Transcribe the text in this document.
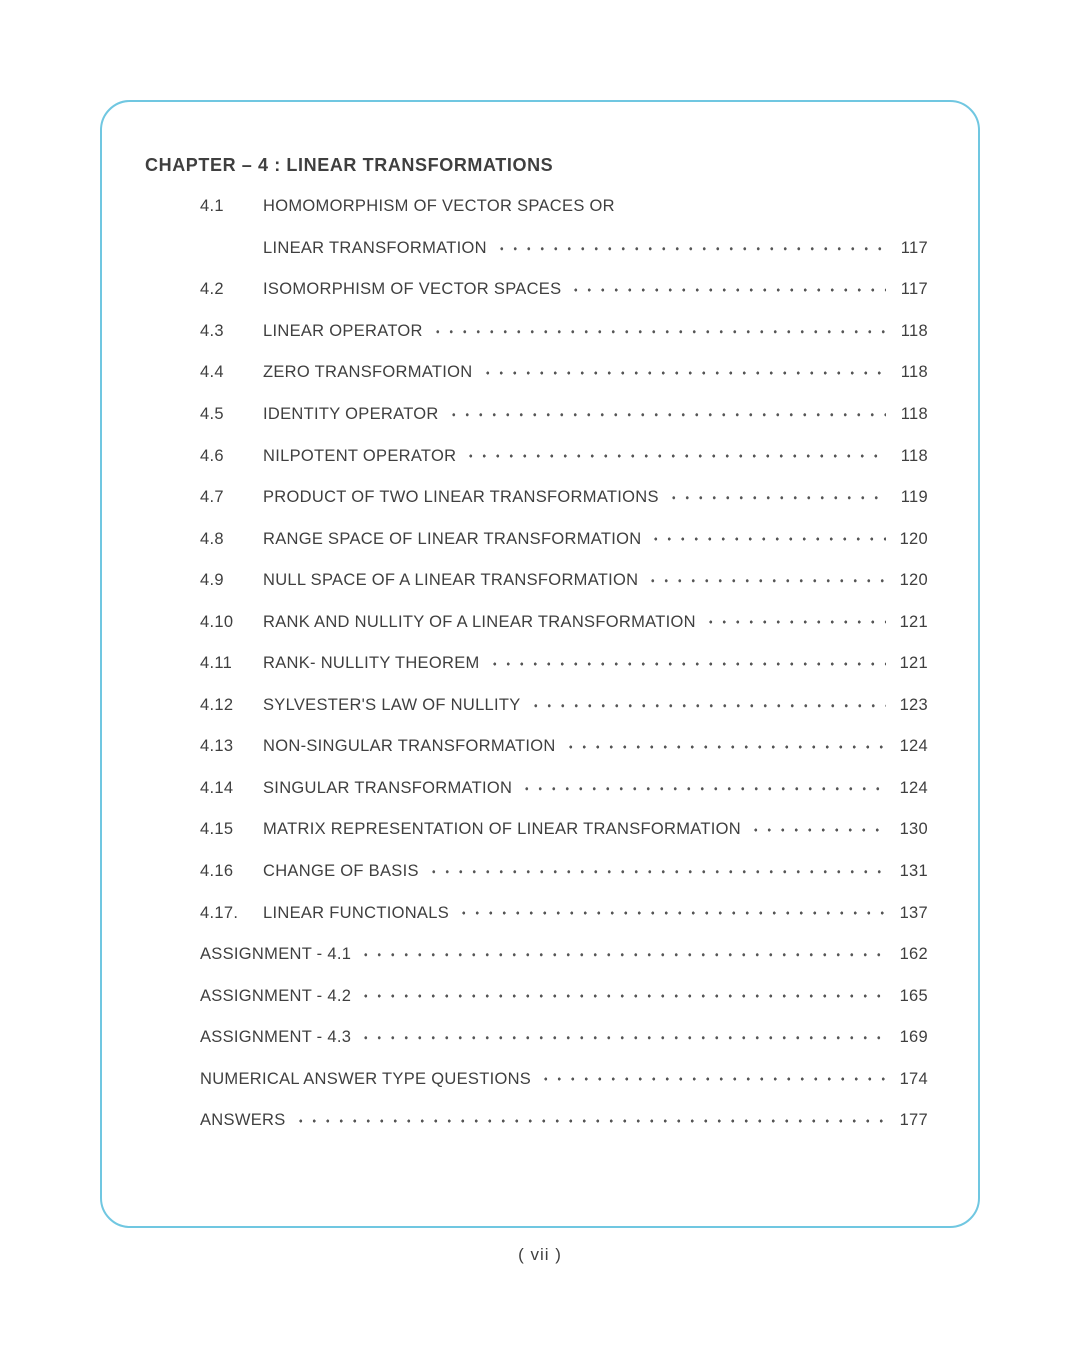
CHAPTER – 4 : LINEAR TRANSFORMATIONS
4.1	HOMOMORPHISM OF VECTOR SPACES OR
LINEAR TRANSFORMATION	117
4.2	ISOMORPHISM OF VECTOR SPACES	117
4.3	LINEAR OPERATOR	118
4.4	ZERO TRANSFORMATION	118
4.5	IDENTITY OPERATOR	118
4.6	NILPOTENT OPERATOR	118
4.7	PRODUCT OF TWO LINEAR TRANSFORMATIONS	119
4.8	RANGE SPACE OF LINEAR TRANSFORMATION	120
4.9	NULL SPACE OF A LINEAR TRANSFORMATION	120
4.10	RANK AND NULLITY OF A LINEAR TRANSFORMATION	121
4.11	RANK- NULLITY THEOREM	121
4.12	SYLVESTER'S LAW OF NULLITY	123
4.13	NON-SINGULAR TRANSFORMATION	124
4.14	SINGULAR TRANSFORMATION	124
4.15	MATRIX REPRESENTATION OF LINEAR TRANSFORMATION	130
4.16	CHANGE OF BASIS	131
4.17.	LINEAR FUNCTIONALS	137
ASSIGNMENT - 4.1	162
ASSIGNMENT - 4.2	165
ASSIGNMENT - 4.3	169
NUMERICAL ANSWER TYPE QUESTIONS	174
ANSWERS	177
( vii )
